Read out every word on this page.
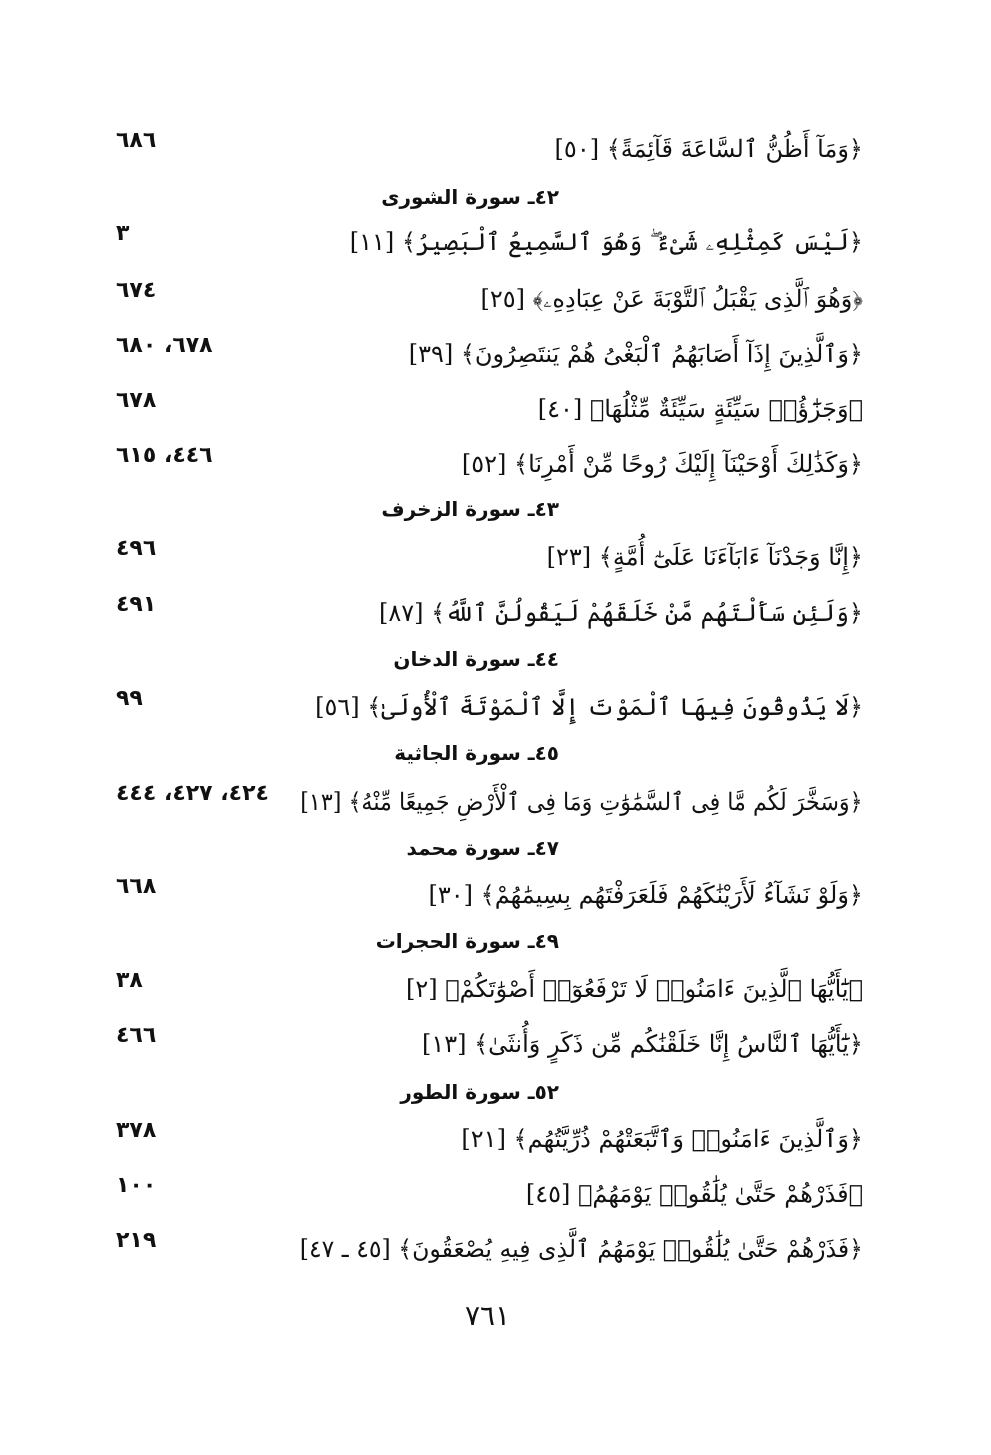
﴿وَمَآ أَظُنُّ ٱلسَّاعَةَ قَآئِمَةً﴾ [٥٠]
٦٨٦
٤٢ـ سورة الشورى
﴿لَيْسَ كَمِثْلِهِۦ شَىْءٌ ۖ وَهُوَ ٱلسَّمِيعُ ٱلْبَصِيرُ﴾ [١١]
٣
﴿وَهُوَ ٱلَّذِى يَقْبَلُ ٱلتَّوْبَةَ عَنْ عِبَادِهِۦ﴾ [٢٥]
٦٧٤
﴿وَٱلَّذِينَ إِذَآ أَصَابَهُمُ ٱلْبَغْىُ هُمْ يَنتَصِرُونَ﴾ [٣٩]
٦٧٨، ٦٨٠
﴿وَجَزَٰٓؤُا۟ سَيِّئَةٍ سَيِّئَةٌ مِّثْلُهَا﴾ [٤٠]
٦٧٨
﴿وَكَذَٰلِكَ أَوْحَيْنَآ إِلَيْكَ رُوحًا مِّنْ أَمْرِنَا﴾ [٥٢]
٤٤٦، ٦١٥
٤٣ـ سورة الزخرف
﴿إِنَّا وَجَدْنَآ ءَابَآءَنَا عَلَىٰٓ أُمَّةٍ﴾ [٢٣]
٤٩٦
﴿وَلَئِن سَأَلْتَهُم مَّنْ خَلَقَهُمْ لَيَقُولُنَّ ٱللَّهُ﴾ [٨٧]
٤٩١
٤٤ـ سورة الدخان
﴿لَا يَذُوقُونَ فِيهَا ٱلْمَوْتَ إِلَّا ٱلْمَوْتَةَ ٱلْأُولَىٰ﴾ [٥٦]
٩٩
٤٥ـ سورة الجاثية
﴿وَسَخَّرَ لَكُم مَّا فِى ٱلسَّمَٰوَٰتِ وَمَا فِى ٱلْأَرْضِ جَمِيعًا مِّنْهُ﴾ [١٣]
٤٢٤، ٤٢٧، ٤٤٤
٤٧ـ سورة محمد
﴿وَلَوْ نَشَآءُ لَأَرَيْنَٰكَهُمْ فَلَعَرَفْتَهُم بِسِيمَٰهُمْ﴾ [٣٠]
٦٦٨
٤٩ـ سورة الحجرات
﴿يَٰٓأَيُّهَا ٱلَّذِينَ ءَامَنُوا۟ لَا تَرْفَعُوٓا۟ أَصْوَٰتَكُمْ﴾ [٢]
٣٨
﴿يَٰٓأَيُّهَا ٱلنَّاسُ إِنَّا خَلَقْنَٰكُم مِّن ذَكَرٍ وَأُنثَىٰ﴾ [١٣]
٤٦٦
٥٢ـ سورة الطور
﴿وَٱلَّذِينَ ءَامَنُوا۟ وَٱتَّبَعَتْهُمْ ذُرِّيَّتُهُم﴾ [٢١]
٣٧٨
﴿فَذَرْهُمْ حَتَّىٰ يُلَٰقُوا۟ يَوْمَهُمُ﴾ [٤٥]
١٠٠
﴿فَذَرْهُمْ حَتَّىٰ يُلَٰقُوا۟ يَوْمَهُمُ ٱلَّذِى فِيهِ يُصْعَقُونَ﴾ [٤٥ ـ ٤٧]
٢١٩
٧٦١
